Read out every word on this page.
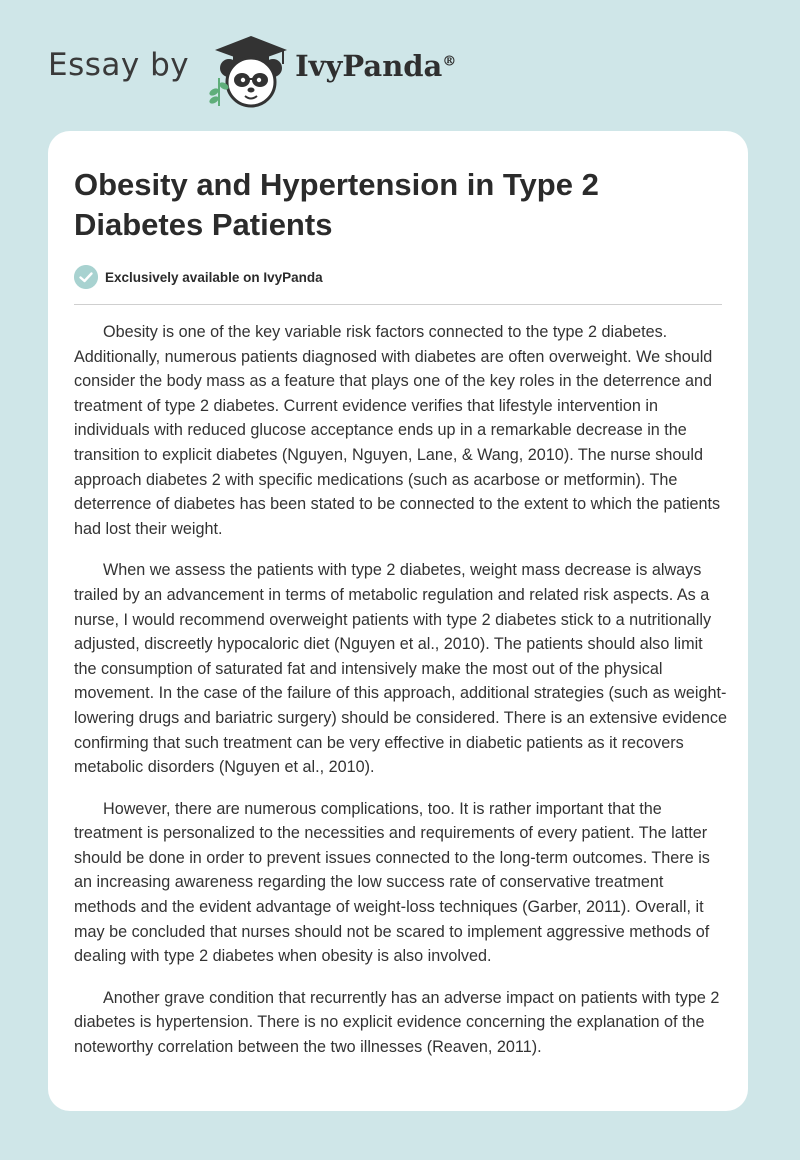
Essay by	IvyPanda®
Obesity and Hypertension in Type 2 Diabetes Patients
Exclusively available on IvyPanda

Obesity is one of the key variable risk factors connected to the type 2 diabetes. Additionally, numerous patients diagnosed with diabetes are often overweight. We should consider the body mass as a feature that plays one of the key roles in the deterrence and treatment of type 2 diabetes. Current evidence verifies that lifestyle intervention in individuals with reduced glucose acceptance ends up in a remarkable decrease in the transition to explicit diabetes (Nguyen, Nguyen, Lane, & Wang, 2010). The nurse should approach diabetes 2 with specific medications (such as acarbose or metformin). The deterrence of diabetes has been stated to be connected to the extent to which the patients had lost their weight.

When we assess the patients with type 2 diabetes, weight mass decrease is always trailed by an advancement in terms of metabolic regulation and related risk aspects. As a nurse, I would recommend overweight patients with type 2 diabetes stick to a nutritionally adjusted, discreetly hypocaloric diet (Nguyen et al., 2010). The patients should also limit the consumption of saturated fat and intensively make the most out of the physical movement. In the case of the failure of this approach, additional strategies (such as weight-lowering drugs and bariatric surgery) should be considered. There is an extensive evidence confirming that such treatment can be very effective in diabetic patients as it recovers metabolic disorders (Nguyen et al., 2010).

However, there are numerous complications, too. It is rather important that the treatment is personalized to the necessities and requirements of every patient. The latter should be done in order to prevent issues connected to the long-term outcomes. There is an increasing awareness regarding the low success rate of conservative treatment methods and the evident advantage of weight-loss techniques (Garber, 2011). Overall, it may be concluded that nurses should not be scared to implement aggressive methods of dealing with type 2 diabetes when obesity is also involved.

Another grave condition that recurrently has an adverse impact on patients with type 2 diabetes is hypertension. There is no explicit evidence concerning the explanation of the noteworthy correlation between the two illnesses (Reaven, 2011).
